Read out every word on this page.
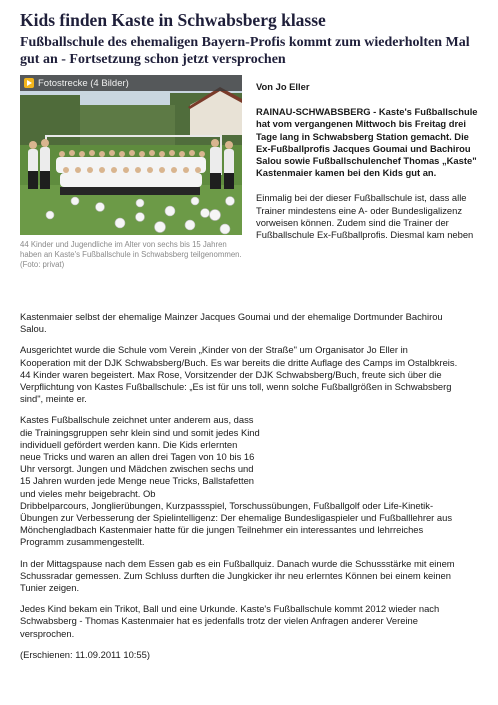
Kids finden Kaste in Schwabsberg klasse
Fußballschule des ehemaligen Bayern-Profis kommt zum wiederholten Mal gut an - Fortsetzung schon jetzt versprochen
Fotostrecke (4 Bilder)
44 Kinder und Jugendliche im Alter von sechs bis 15 Jahren haben an Kaste's Fußballschule in Schwabsberg teilgenommen. (Foto: privat)
Von Jo Eller
RAINAU-SCHWABSBERG - Kaste's Fußballschule hat vom vergangenen Mittwoch bis Freitag drei Tage lang in Schwabsberg Station gemacht. Die Ex-Fußballprofis Jacques Goumai und Bachirou Salou sowie Fußballschulenchef Thomas „Kaste" Kastenmaier kamen bei den Kids gut an.
Einmalig bei der dieser Fußballschule ist, dass alle Trainer mindestens eine A- oder Bundesligalizenz vorweisen können. Zudem sind die Trainer der Fußballschule Ex-Fußballprofis. Diesmal kam neben
Kastenmaier selbst der ehemalige Mainzer Jacques Goumai und der ehemalige Dortmunder Bachirou Salou.

Ausgerichtet wurde die Schule vom Verein „Kinder von der Straße" um Organisator Jo Eller in Kooperation mit der DJK Schwabsberg/Buch. Es war bereits die dritte Auflage des Camps im Ostalbkreis. 44 Kinder waren begeistert. Max Rose, Vorsitzender der DJK Schwabsberg/Buch, freute sich über die Verpflichtung von Kastes Fußballschule: „Es ist für uns toll, wenn solche Fußballgrößen in Schwabsberg sind", meinte er.

Kastes Fußballschule zeichnet unter anderem aus, dass die Trainingsgruppen sehr klein sind und somit jedes Kind individuell gefördert werden kann. Die Kids erlernten neue Tricks und waren an allen drei Tagen von 10 bis 16 Uhr versorgt. Jungen und Mädchen zwischen sechs und 15 Jahren wurden jede Menge neue Tricks, Ballstafetten und vieles mehr beigebracht. Ob

Dribbelparcours, Jonglierübungen, Kurzpassspiel, Torschussübungen, Fußballgolf oder Life-Kinetik-Übungen zur Verbesserung der Spielintelligenz: Der ehemalige Bundesligaspieler und Fußballlehrer aus Mönchengladbach Kastenmaier hatte für die jungen Teilnehmer ein interessantes und lehrreiches Programm zusammengestellt.

In der Mittagspause nach dem Essen gab es ein Fußballquiz. Danach wurde die Schussstärke mit einem Schussradar gemessen. Zum Schluss durften die Jungkicker ihr neu erlerntes Können bei einem keinen Tunier zeigen.

Jedes Kind bekam ein Trikot, Ball und eine Urkunde. Kaste's Fußballschule kommt 2012 wieder nach Schwabsberg - Thomas Kastenmaier hat es jedenfalls trotz der vielen Anfragen anderer Vereine versprochen.

(Erschienen: 11.09.2011 10:55)
